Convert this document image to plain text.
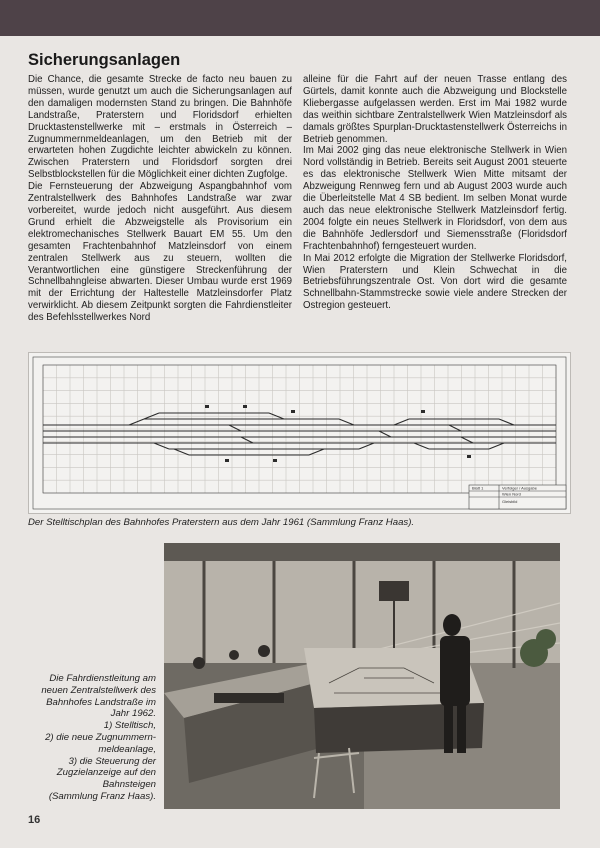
Sicherungsanlagen

Die Chance, die gesamte Strecke de facto neu bauen zu müssen, wurde genutzt um auch die Sicherungsanlagen auf den damaligen modernsten Stand zu bringen. Die Bahnhöfe Landstraße, Praterstern und Floridsdorf erhielten Drucktastenstellwerke mit – erstmals in Österreich – Zugnummernmeldeanlagen, um den Betrieb mit der erwarteten hohen Zugdichte leichter abwickeln zu können. Zwischen Praterstern und Floridsdorf sorgten drei Selbstblockstellen für die Möglichkeit einer dichten Zugfolge.

Die Fernsteuerung der Abzweigung Aspangbahnhof vom Zentralstellwerk des Bahnhofes Landstraße war zwar vorbereitet, wurde jedoch nicht ausgeführt. Aus diesem Grund erhielt die Abzweigstelle als Provisorium ein elektromechanisches Stellwerk Bauart EM 55. Um den gesamten Frachtenbahnhof Matzleinsdorf von einem zentralen Stellwerk aus zu steuern, wollten die Verantwortlichen eine günstigere Streckenführung der Schnellbahngleise abwarten. Dieser Umbau wurde erst 1969 mit der Errichtung der Haltestelle Matzleinsdorfer Platz verwirklicht. Ab diesem Zeitpunkt sorgten die Fahrdienstleiter des Befehlsstellwerkes Nord

alleine für die Fahrt auf der neuen Trasse entlang des Gürtels, damit konnte auch die Abzweigung und Blockstelle Kliebergasse aufgelassen werden. Erst im Mai 1982 wurde das weithin sichtbare Zentralstellwerk Wien Matzleinsdorf als damals größtes Spurplan-Drucktastenstellwerk Österreichs in Betrieb genommen.

Im Mai 2002 ging das neue elektronische Stellwerk in Wien Nord vollständig in Betrieb. Bereits seit August 2001 steuerte es das elektronische Stellwerk Wien Mitte mitsamt der Abzweigung Rennweg fern und ab August 2003 wurde auch die Überleitstelle Mat 4 SB bedient. Im selben Monat wurde auch das neue elektronische Stellwerk Matzleinsdorf fertig. 2004 folgte ein neues Stellwerk in Floridsdorf, von dem aus die Bahnhöfe Jedlersdorf und Siemensstraße (Floridsdorf Frachtenbahnhof) ferngesteuert wurden.

In Mai 2012 erfolgte die Migration der Stellwerke Floridsdorf, Wien Praterstern und Klein Schwechat in die Betriebsführungszentrale Ost. Von dort wird die gesamte Schnellbahn-Stammstrecke sowie viele andere Strecken der Ostregion gesteuert.

Blatt 1	Verfolger / Ausgabe
Wien Nord
Gleisbild
Der Stelltischplan des Bahnhofes Praterstern aus dem Jahr 1961 (Sammlung Franz Haas).
Die Fahrdienstleitung am
neuen Zentralstellwerk des
Bahnhofes Landstraße im
Jahr 1962.
1) Stelltisch,
2) die neue Zugnummern-
meldeanlage,
3) die Steuerung der
Zugzielanzeige auf den
Bahnsteigen
(Sammlung Franz Haas).
16
